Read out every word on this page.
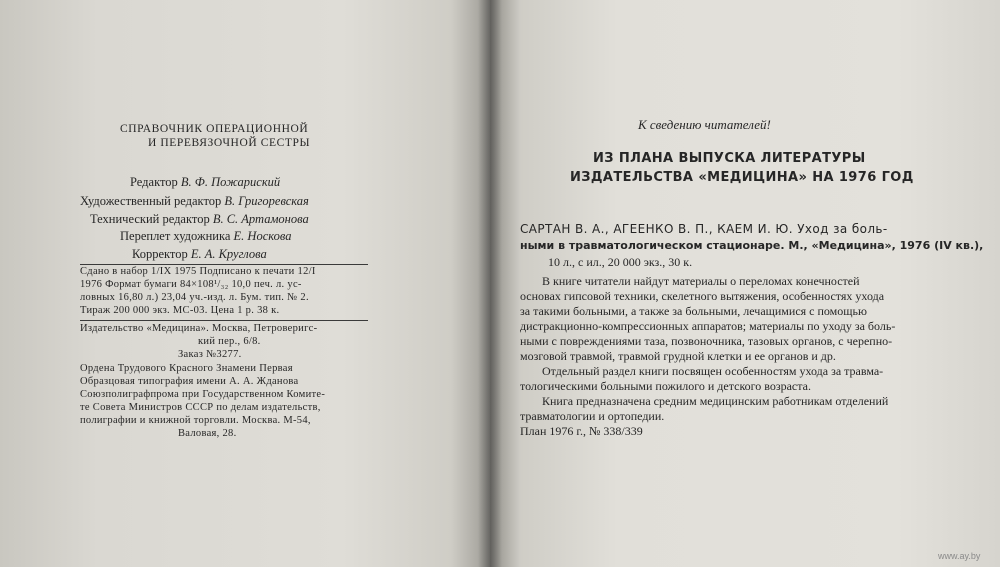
СПРАВОЧНИК ОПЕРАЦИОННОЙ
И ПЕРЕВЯЗОЧНОЙ СЕСТРЫ
Редактор В. Ф. Пожариский
Художественный редактор В. Григоревская
Технический редактор В. С. Артамонова
Переплет художника Е. Носкова
Корректор Е. А. Круглова
Сдано в набор 1/IX 1975 Подписано к печати 12/I
1976 Формат бумаги 84×108¹/₃₂ 10,0 печ. л. ус-
ловных 16,80 л.) 23,04 уч.-изд. л. Бум. тип. № 2.
Тираж 200 000 экз. МС-03. Цена 1 р. 38 к.
Издательство «Медицина». Москва, Петроверигс-
кий пер., 6/8.
Заказ №3277.
Ордена Трудового Красного Знамени Первая
Образцовая типография имени А. А. Жданова
Союзполиграфпрома при Государственном Комите-
те Совета Министров СССР по делам издательств,
полиграфии и книжной торговли. Москва. М-54,
Валовая, 28.
К сведению читателей!
ИЗ ПЛАНА ВЫПУСКА ЛИТЕРАТУРЫ
ИЗДАТЕЛЬСТВА «МЕДИЦИНА» НА 1976 ГОД
САРТАН В. А., АГЕЕНКО В. П., КАЕМ И. Ю. Уход за боль-
ными в травматологическом стационаре. М., «Медицина», 1976 (IV кв.),
10 л., с ил., 20 000 экз., 30 к.
В книге читатели найдут материалы о переломах конечностей
основах гипсовой техники, скелетного вытяжения, особенностях ухода
за такими больными, а также за больными, лечащимися с помощью
дистракционно-компрессионных аппаратов; материалы по уходу за боль-
ными с повреждениями таза, позвоночника, тазовых органов, с черепно-
мозговой травмой, травмой грудной клетки и ее органов и др.
Отдельный раздел книги посвящен особенностям ухода за травма-
тологическими больными пожилого и детского возраста.
Книга предназначена средним медицинским работникам отделений
травматологии и ортопедии.
План 1976 г., № 338/339
www.ay.by
